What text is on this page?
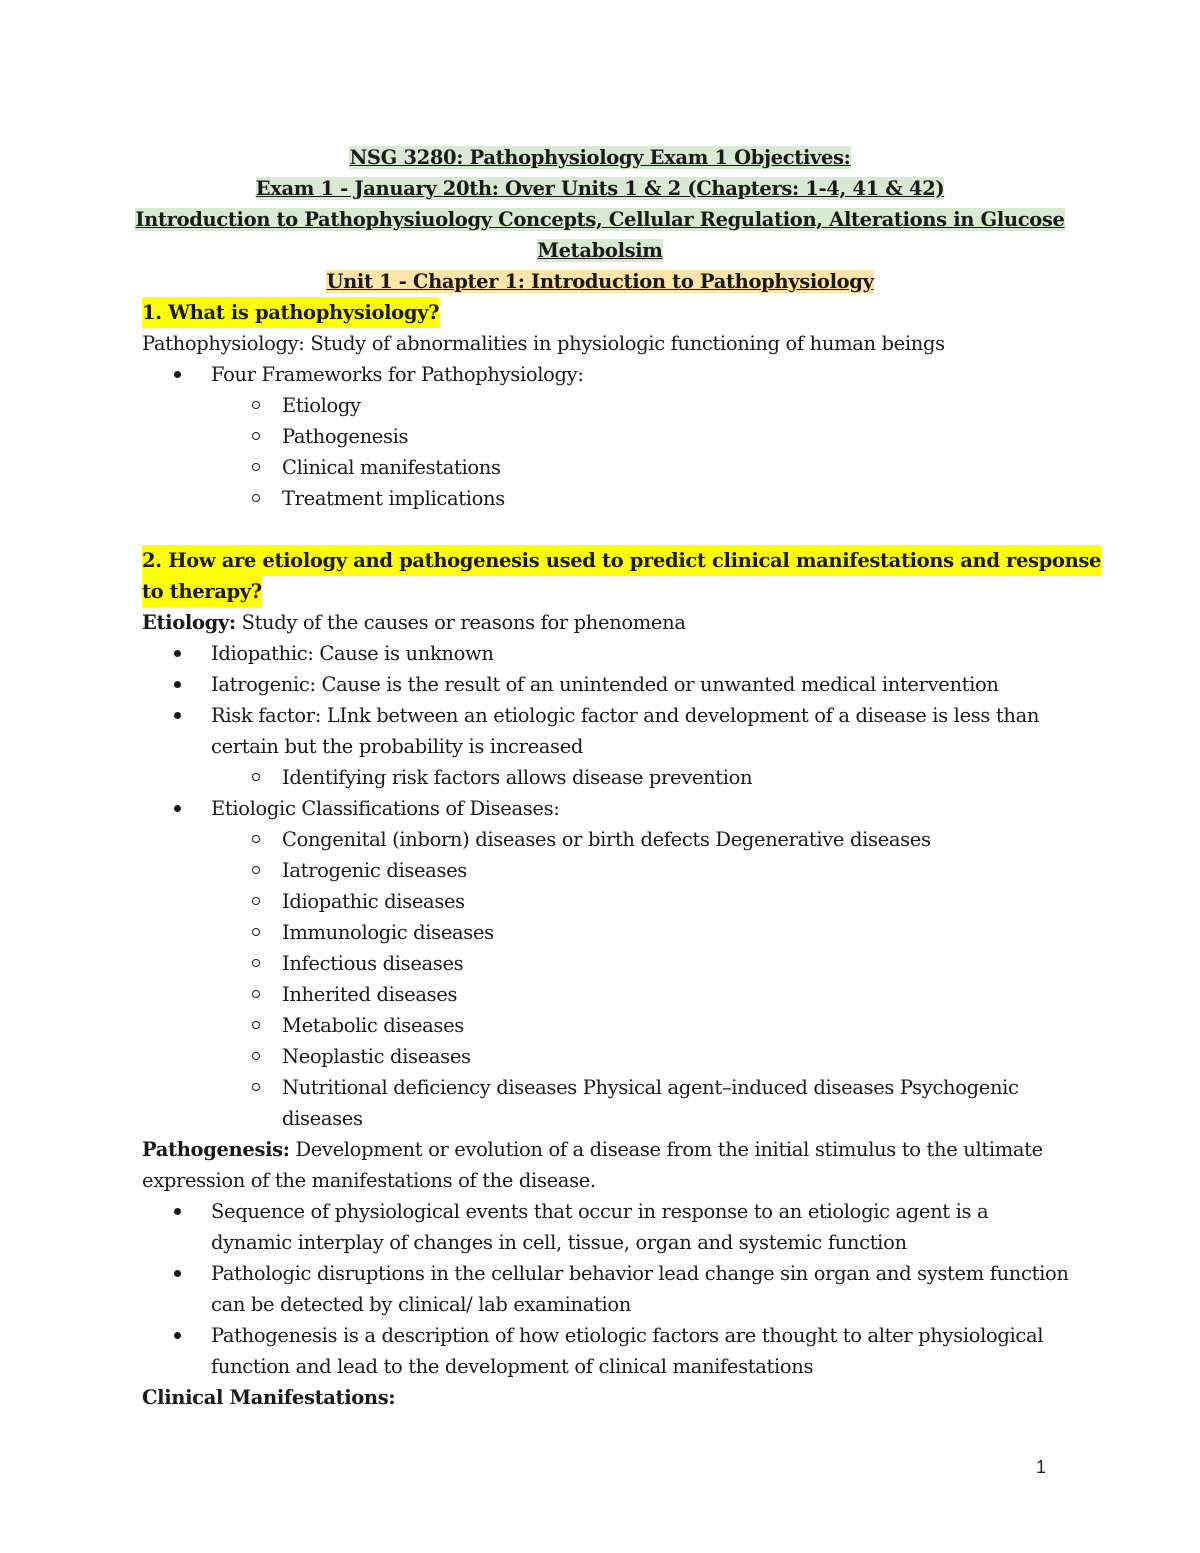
NSG 3280: Pathophysiology Exam 1 Objectives:
Exam 1 - January 20th: Over Units 1 & 2 (Chapters: 1-4, 41 & 42)
Introduction to Pathophysiuology Concepts, Cellular Regulation, Alterations in Glucose
Metabolsim
Unit 1 - Chapter 1: Introduction to Pathophysiology
1. What is pathophysiology?
Pathophysiology: Study of abnormalities in physiologic functioning of human beings
Four Frameworks for Pathophysiology:
Etiology
Pathogenesis
Clinical manifestations
Treatment implications
2. How are etiology and pathogenesis used to predict clinical manifestations and response
to therapy?
Etiology: Study of the causes or reasons for phenomena
Idiopathic: Cause is unknown
Iatrogenic: Cause is the result of an unintended or unwanted medical intervention
Risk factor: LInk between an etiologic factor and development of a disease is less than
certain but the probability is increased
Identifying risk factors allows disease prevention
Etiologic Classifications of Diseases:
Congenital (inborn) diseases or birth defects Degenerative diseases
Iatrogenic diseases
Idiopathic diseases
Immunologic diseases
Infectious diseases
Inherited diseases
Metabolic diseases
Neoplastic diseases
Nutritional deficiency diseases Physical agent–induced diseases Psychogenic
diseases
Pathogenesis: Development or evolution of a disease from the initial stimulus to the ultimate
expression of the manifestations of the disease.
Sequence of physiological events that occur in response to an etiologic agent is a
dynamic interplay of changes in cell, tissue, organ and systemic function
Pathologic disruptions in the cellular behavior lead change sin organ and system function
can be detected by clinical/ lab examination
Pathogenesis is a description of how etiologic factors are thought to alter physiological
function and lead to the development of clinical manifestations
Clinical Manifestations:
1
